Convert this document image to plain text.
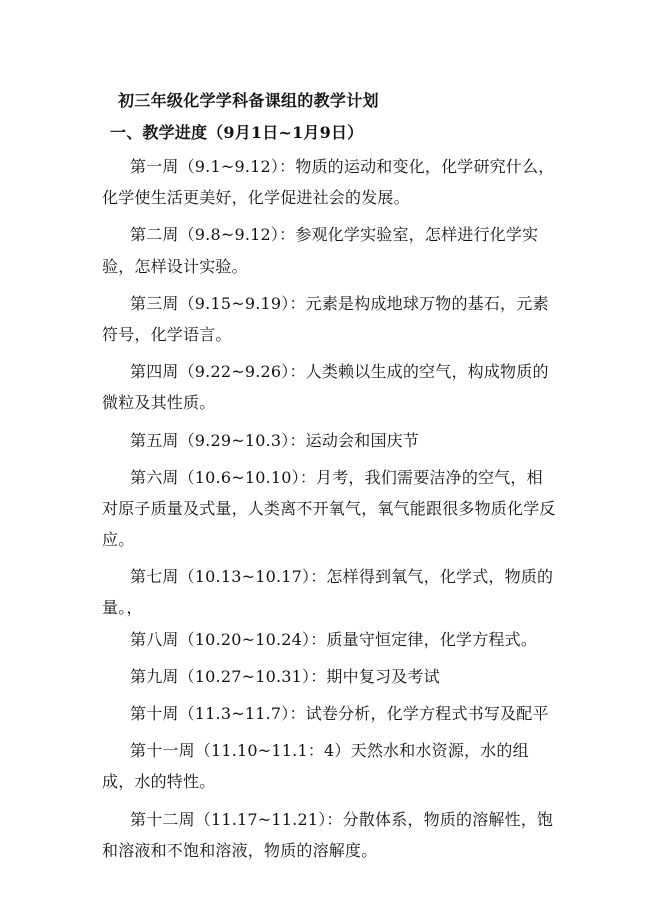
初三年级化学学科备课组的教学计划
一、教学进度（9月1日~1月9日）

第一周（9.1~9.12）：物质的运动和变化，化学研究什么，化学使生活更美好，化学促进社会的发展。

第二周（9.8~9.12）：参观化学实验室，怎样进行化学实验，怎样设计实验。

第三周（9.15~9.19）：元素是构成地球万物的基石，元素符号，化学语言。

第四周（9.22~9.26）：人类赖以生成的空气，构成物质的微粒及其性质。

第五周（9.29~10.3）：运动会和国庆节

第六周（10.6~10.10）：月考，我们需要洁净的空气，相对原子质量及式量，人类离不开氧气，氧气能跟很多物质化学反应。

第七周（10.13~10.17）：怎样得到氧气，化学式，物质的量。，

第八周（10.20~10.24）：质量守恒定律，化学方程式。

第九周（10.27~10.31）：期中复习及考试

第十周（11.3~11.7）：试卷分析，化学方程式书写及配平

第十一周（11.10~11.1：4）天然水和水资源，水的组成，水的特性。

第十二周（11.17~11.21）：分散体系，物质的溶解性，饱和溶液和不饱和溶液，物质的溶解度。
